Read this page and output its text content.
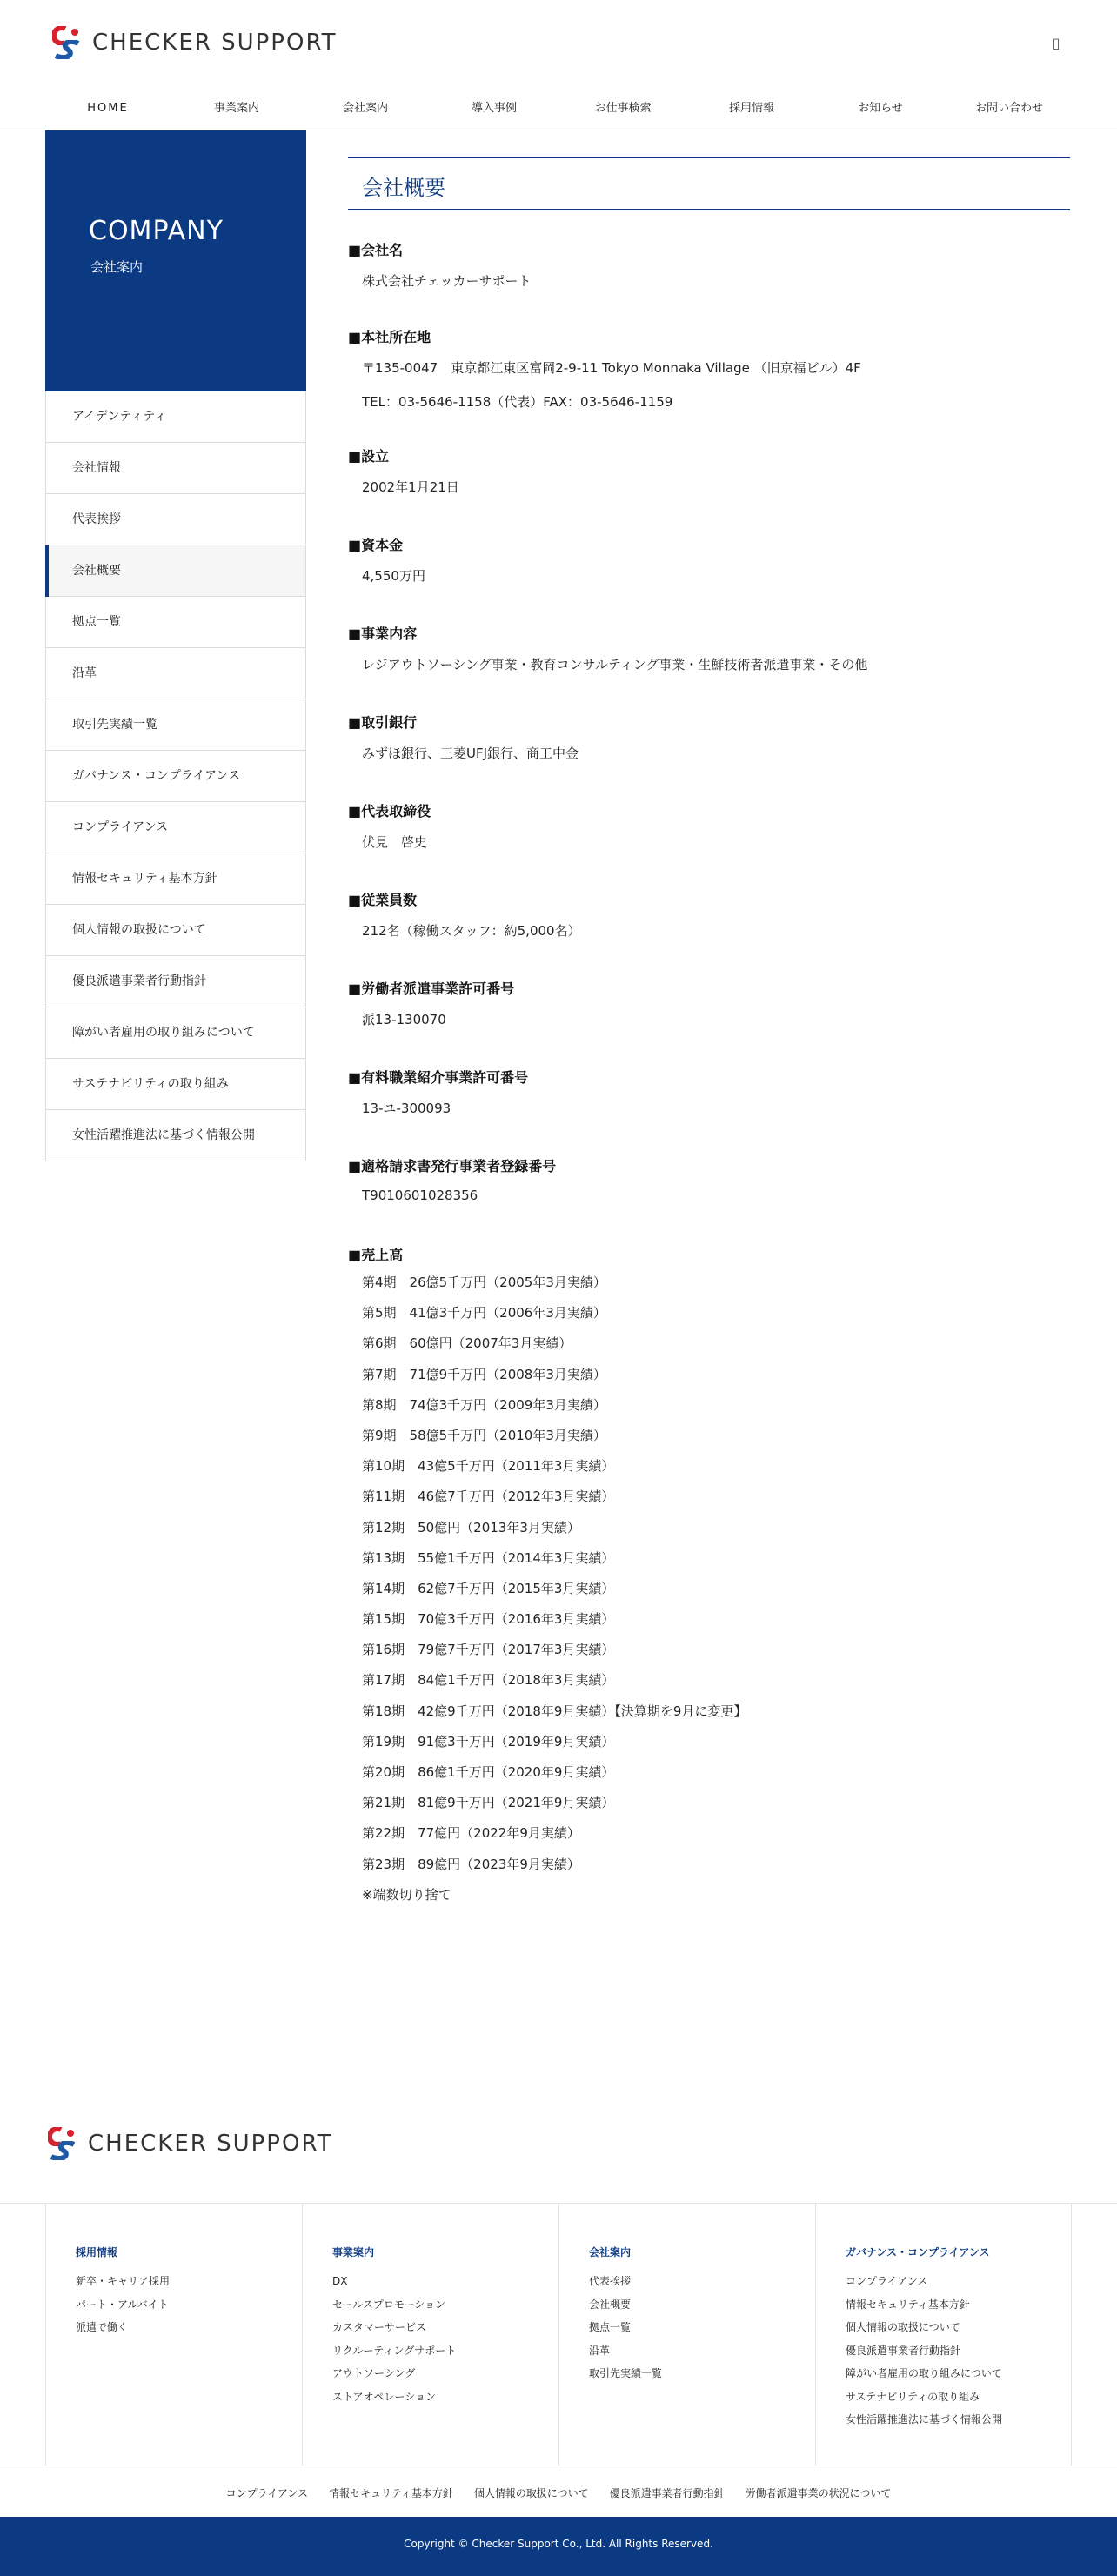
CHECKER SUPPORT	▯
HOME	事業案内	会社案内	導入事例	お仕事検索	採用情報	お知らせ	お問い合わせ
COMPANY
会社案内
アイデンティティ
会社情報
代表挨拶
会社概要
拠点一覧
沿革
取引先実績一覧
ガバナンス・コンプライアンス
コンプライアンス
情報セキュリティ基本方針
個人情報の取扱について
優良派遣事業者行動指針
障がい者雇用の取り組みについて
サステナビリティの取り組み
女性活躍推進法に基づく情報公開
会社概要
■会社名
株式会社チェッカーサポート
■本社所在地
〒135-0047　東京都江東区富岡2-9-11 Tokyo Monnaka Village （旧京福ビル）4F
TEL：03-5646-1158（代表）FAX：03-5646-1159
■設立
2002年1月21日
■資本金
4,550万円
■事業内容
レジアウトソーシング事業・教育コンサルティング事業・生鮮技術者派遣事業・その他
■取引銀行
みずほ銀行、三菱UFJ銀行、商工中金
■代表取締役
伏見　啓史
■従業員数
212名（稼働スタッフ：約5,000名）
■労働者派遣事業許可番号
派13-130070
■有料職業紹介事業許可番号
13-ユ-300093
■適格請求書発行事業者登録番号
T9010601028356
■売上高
第4期　26億5千万円（2005年3月実績）
第5期　41億3千万円（2006年3月実績）
第6期　60億円（2007年3月実績）
第7期　71億9千万円（2008年3月実績）
第8期　74億3千万円（2009年3月実績）
第9期　58億5千万円（2010年3月実績）
第10期　43億5千万円（2011年3月実績）
第11期　46億7千万円（2012年3月実績）
第12期　50億円（2013年3月実績）
第13期　55億1千万円（2014年3月実績）
第14期　62億7千万円（2015年3月実績）
第15期　70億3千万円（2016年3月実績）
第16期　79億7千万円（2017年3月実績）
第17期　84億1千万円（2018年3月実績）
第18期　42億9千万円（2018年9月実績）【決算期を9月に変更】
第19期　91億3千万円（2019年9月実績）
第20期　86億1千万円（2020年9月実績）
第21期　81億9千万円（2021年9月実績）
第22期　77億円（2022年9月実績）
第23期　89億円（2023年9月実績）
※端数切り捨て
CHECKER SUPPORT
採用情報
新卒・キャリア採用
パート・アルバイト
派遣で働く
事業案内
DX
セールスプロモーション
カスタマーサービス
リクルーティングサポート
アウトソーシング
ストアオペレーション
会社案内
代表挨拶
会社概要
拠点一覧
沿革
取引先実績一覧
ガバナンス・コンプライアンス
コンプライアンス
情報セキュリティ基本方針
個人情報の取扱について
優良派遣事業者行動指針
障がい者雇用の取り組みについて
サステナビリティの取り組み
女性活躍推進法に基づく情報公開
コンプライアンス 情報セキュリティ基本方針 個人情報の取扱について 優良派遣事業者行動指針 労働者派遣事業の状況について
Copyright © Checker Support Co., Ltd. All Rights Reserved.
